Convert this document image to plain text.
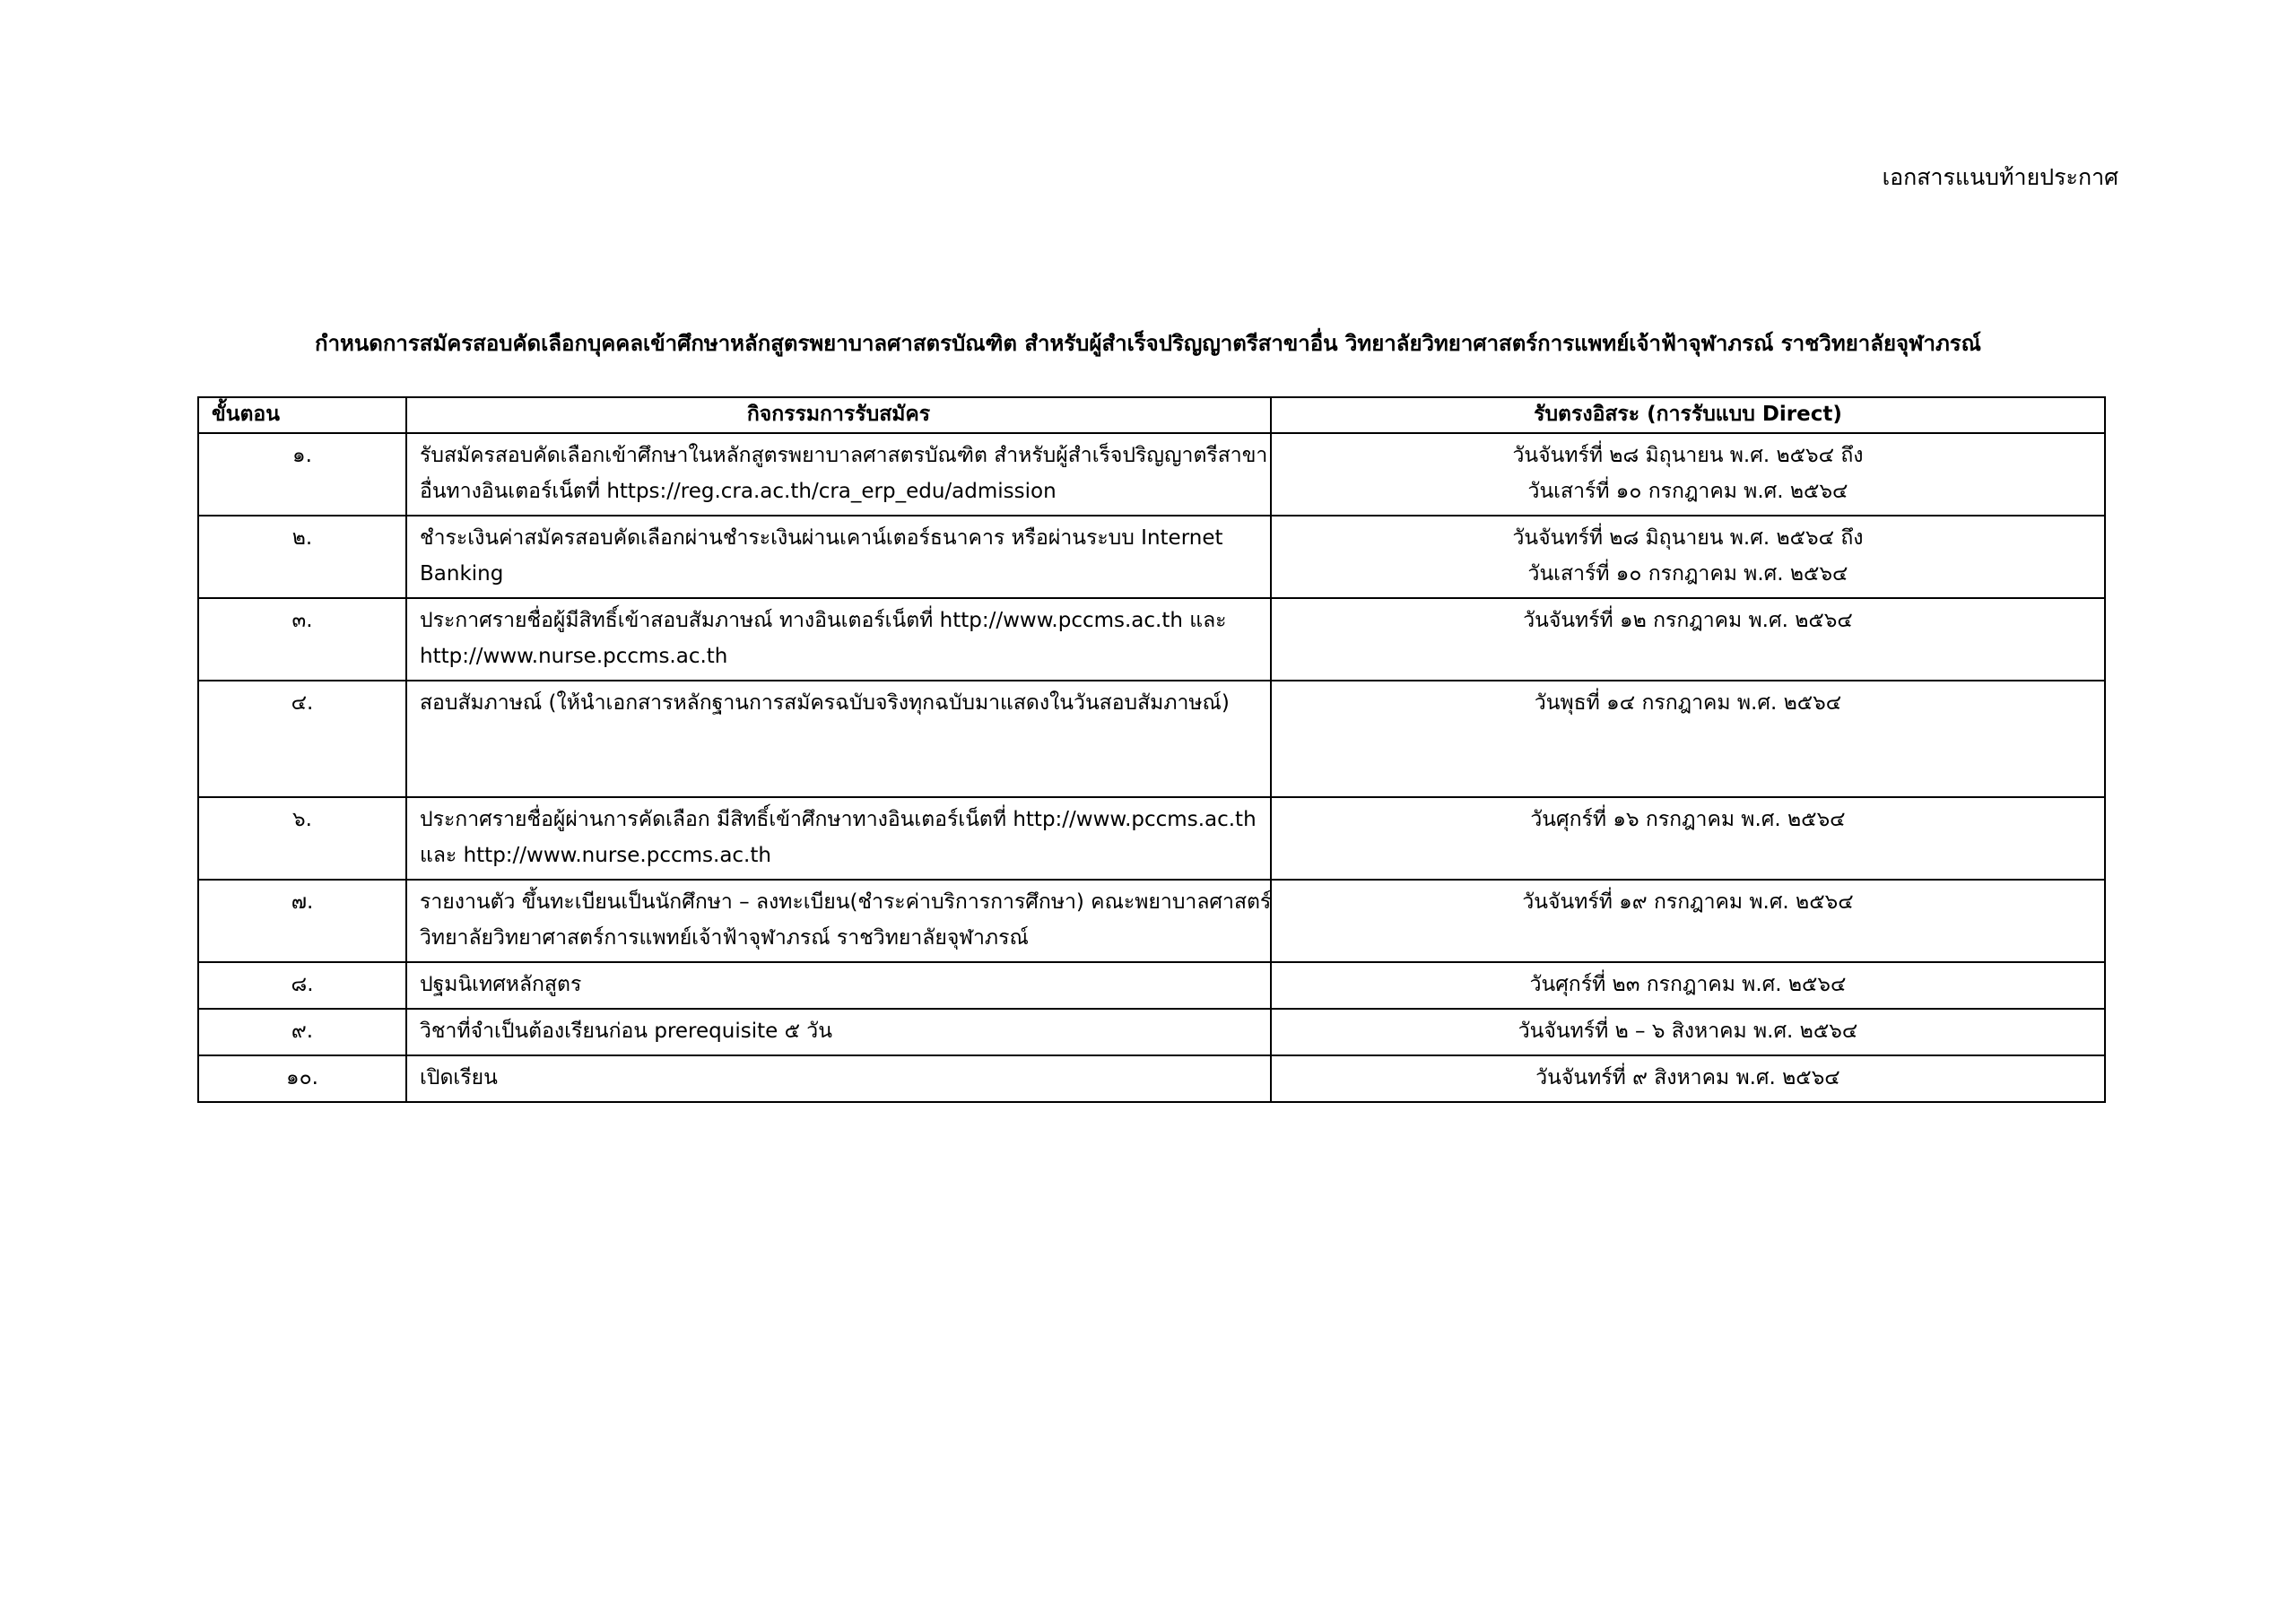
เอกสารแนบท้ายประกาศ
กำหนดการสมัครสอบคัดเลือกบุคคลเข้าศึกษาหลักสูตรพยาบาลศาสตรบัณฑิต สำหรับผู้สำเร็จปริญญาตรีสาขาอื่น วิทยาลัยวิทยาศาสตร์การแพทย์เจ้าฟ้าจุฬาภรณ์ ราชวิทยาลัยจุฬาภรณ์
ขั้นตอน	กิจกรรมการรับสมัคร	รับตรงอิสระ (การรับแบบ Direct)
๑.	รับสมัครสอบคัดเลือกเข้าศึกษาในหลักสูตรพยาบาลศาสตรบัณฑิต สำหรับผู้สำเร็จปริญญาตรีสาขา
อื่นทางอินเตอร์เน็ตที่ https://reg.cra.ac.th/cra_erp_edu/admission	วันจันทร์ที่ ๒๘ มิถุนายน พ.ศ. ๒๕๖๔ ถึง
วันเสาร์ที่ ๑๐ กรกฎาคม พ.ศ. ๒๕๖๔

๒.	ชำระเงินค่าสมัครสอบคัดเลือกผ่านชำระเงินผ่านเคาน์เตอร์ธนาคาร หรือผ่านระบบ Internet
Banking	วันจันทร์ที่ ๒๘ มิถุนายน พ.ศ. ๒๕๖๔ ถึง
วันเสาร์ที่ ๑๐ กรกฎาคม พ.ศ. ๒๕๖๔

๓.	ประกาศรายชื่อผู้มีสิทธิ์เข้าสอบสัมภาษณ์ ทางอินเตอร์เน็ตที่ http://www.pccms.ac.th และ
http://www.nurse.pccms.ac.th	วันจันทร์ที่ ๑๒ กรกฎาคม พ.ศ. ๒๕๖๔

๔.	สอบสัมภาษณ์ (ให้นำเอกสารหลักฐานการสมัครฉบับจริงทุกฉบับมาแสดงในวันสอบสัมภาษณ์)	วันพุธที่ ๑๔ กรกฎาคม พ.ศ. ๒๕๖๔

๖.	ประกาศรายชื่อผู้ผ่านการคัดเลือก มีสิทธิ์เข้าศึกษาทางอินเตอร์เน็ตที่ http://www.pccms.ac.th
และ http://www.nurse.pccms.ac.th	วันศุกร์ที่ ๑๖ กรกฎาคม พ.ศ. ๒๕๖๔

๗.	รายงานตัว ขึ้นทะเบียนเป็นนักศึกษา – ลงทะเบียน(ชำระค่าบริการการศึกษา) คณะพยาบาลศาสตร์
วิทยาลัยวิทยาศาสตร์การแพทย์เจ้าฟ้าจุฬาภรณ์ ราชวิทยาลัยจุฬาภรณ์	วันจันทร์ที่ ๑๙ กรกฎาคม พ.ศ. ๒๕๖๔

๘.	ปฐมนิเทศหลักสูตร	วันศุกร์ที่ ๒๓ กรกฎาคม พ.ศ. ๒๕๖๔

๙.	วิชาที่จำเป็นต้องเรียนก่อน prerequisite ๕ วัน	วันจันทร์ที่ ๒ – ๖ สิงหาคม พ.ศ. ๒๕๖๔

๑๐.	เปิดเรียน	วันจันทร์ที่ ๙ สิงหาคม พ.ศ. ๒๕๖๔
